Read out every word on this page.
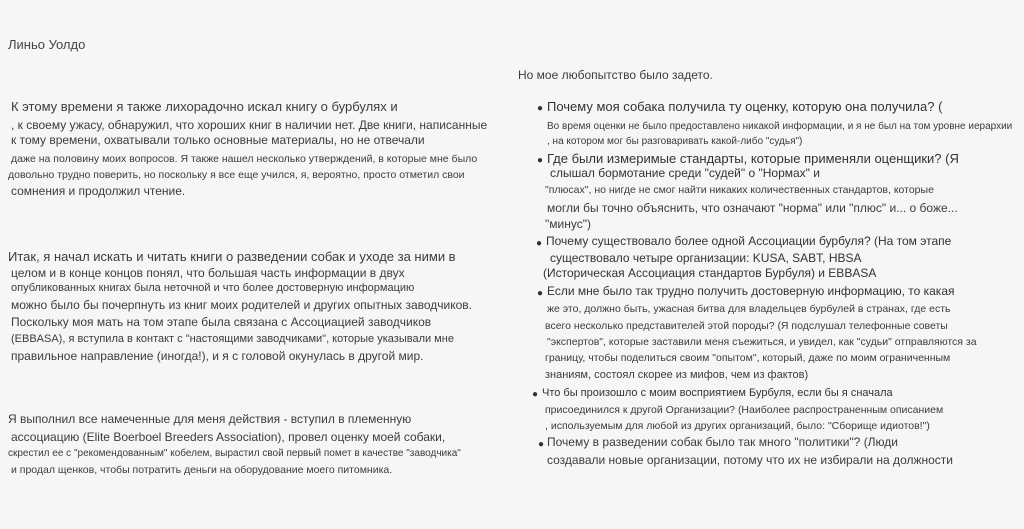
Линьо Уолдо
Но мое любопытство было задето.
К этому времени я также лихорадочно искал книгу о бурбулях и
, к своему ужасу, обнаружил, что хороших книг в наличии нет. Две книги, написанные
к тому времени, охватывали только основные материалы, но не отвечали
даже на половину моих вопросов. Я также нашел несколько утверждений, в которые мне было
довольно трудно поверить, но поскольку я все еще учился, я, вероятно, просто отметил свои
сомнения и продолжил чтение.
Итак, я начал искать и читать книги о разведении собак и уходе за ними в
целом и в конце концов понял, что большая часть информации в двух
опубликованных книгах была неточной и что более достоверную информацию
можно было бы почерпнуть из книг моих родителей и других опытных заводчиков.
Поскольку моя мать на том этапе была связана с Ассоциацией заводчиков
(EBBASA), я вступила в контакт с "настоящими заводчиками", которые указывали мне
правильное направление (иногда!), и я с головой окунулась в другой мир.
Я выполнил все намеченные для меня действия - вступил в племенную
ассоциацию (Elite Boerboel Breeders Association), провел оценку моей собаки,
скрестил ее с "рекомендованным" кобелем, вырастил свой первый помет в качестве "заводчика"
и продал щенков, чтобы потратить деньги на оборудование моего питомника.
● Почему моя собака получила ту оценку, которую она получила? (
Во время оценки не было предоставлено никакой информации, и я не был на том уровне иерархии
, на котором мог бы разговаривать какой-либо "судья")
● Где были измеримые стандарты, которые применяли оценщики? (Я
слышал бормотание среди "судей" о "Нормах" и
"плюсах", но нигде не смог найти никаких количественных стандартов, которые
могли бы точно объяснить, что означают "норма" или "плюс" и... о боже...
"минус")
● Почему существовало более одной Ассоциации бурбуля? (На том этапе
существовало четыре организации: KUSA, SABT, HBSA
(Историческая Ассоциация стандартов Бурбуля) и EBBASA
● Если мне было так трудно получить достоверную информацию, то какая
же это, должно быть, ужасная битва для владельцев бурбулей в странах, где есть
всего несколько представителей этой породы? (Я подслушал телефонные советы
"экспертов", которые заставили меня съежиться, и увидел, как "судьи" отправляются за
границу, чтобы поделиться своим "опытом", который, даже по моим ограниченным
знаниям, состоял скорее из мифов, чем из фактов)
● Что бы произошло с моим восприятием Бурбуля, если бы я сначала
присоединился к другой Организации? (Наиболее распространенным описанием
, используемым для любой из других организаций, было: "Сборище идиотов!")
● Почему в разведении собак было так много "политики"? (Люди
создавали новые организации, потому что их не избирали на должности
